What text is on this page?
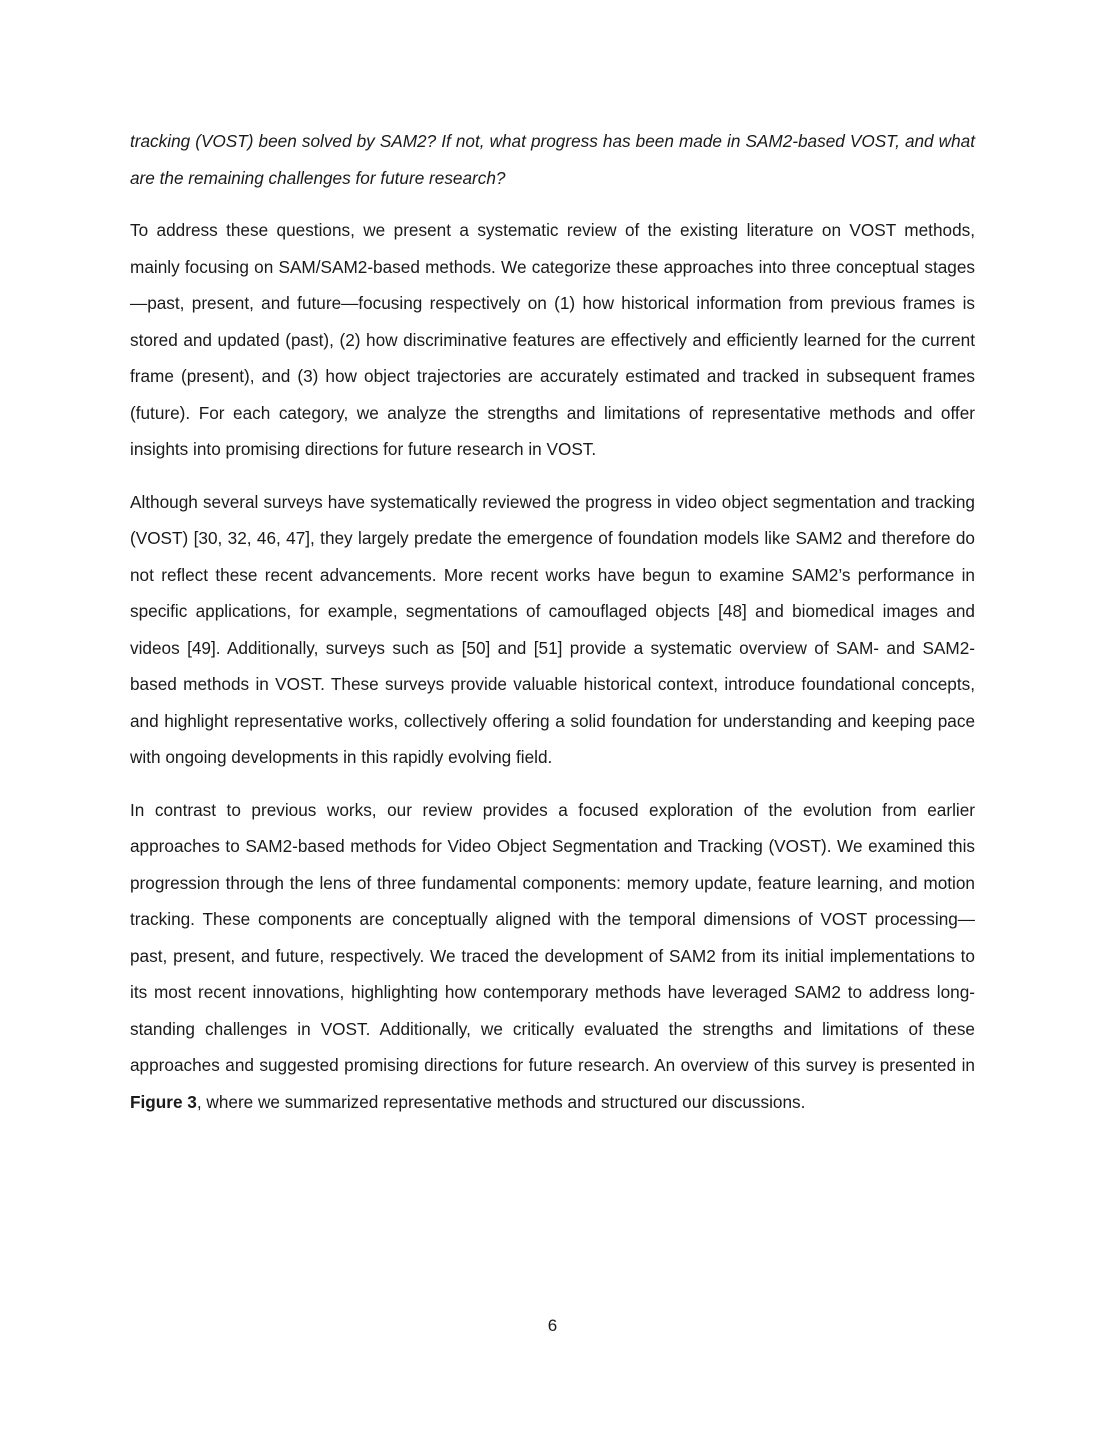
tracking (VOST) been solved by SAM2? If not, what progress has been made in SAM2-based VOST, and what are the remaining challenges for future research?

To address these questions, we present a systematic review of the existing literature on VOST methods, mainly focusing on SAM/SAM2-based methods. We categorize these approaches into three conceptual stages—past, present, and future—focusing respectively on (1) how historical information from previous frames is stored and updated (past), (2) how discriminative features are effectively and efficiently learned for the current frame (present), and (3) how object trajectories are accurately estimated and tracked in subsequent frames (future). For each category, we analyze the strengths and limitations of representative methods and offer insights into promising directions for future research in VOST.

Although several surveys have systematically reviewed the progress in video object segmentation and tracking (VOST) [30, 32, 46, 47], they largely predate the emergence of foundation models like SAM2 and therefore do not reflect these recent advancements. More recent works have begun to examine SAM2’s performance in specific applications, for example, segmentations of camouflaged objects [48] and biomedical images and videos [49]. Additionally, surveys such as [50] and [51] provide a systematic overview of SAM- and SAM2-based methods in VOST. These surveys provide valuable historical context, introduce foundational concepts, and highlight representative works, collectively offering a solid foundation for understanding and keeping pace with ongoing developments in this rapidly evolving field.

In contrast to previous works, our review provides a focused exploration of the evolution from earlier approaches to SAM2-based methods for Video Object Segmentation and Tracking (VOST). We examined this progression through the lens of three fundamental components: memory update, feature learning, and motion tracking. These components are conceptually aligned with the temporal dimensions of VOST processing—past, present, and future, respectively. We traced the development of SAM2 from its initial implementations to its most recent innovations, highlighting how contemporary methods have leveraged SAM2 to address long-standing challenges in VOST. Additionally, we critically evaluated the strengths and limitations of these approaches and suggested promising directions for future research. An overview of this survey is presented in Figure 3, where we summarized representative methods and structured our discussions.

6
